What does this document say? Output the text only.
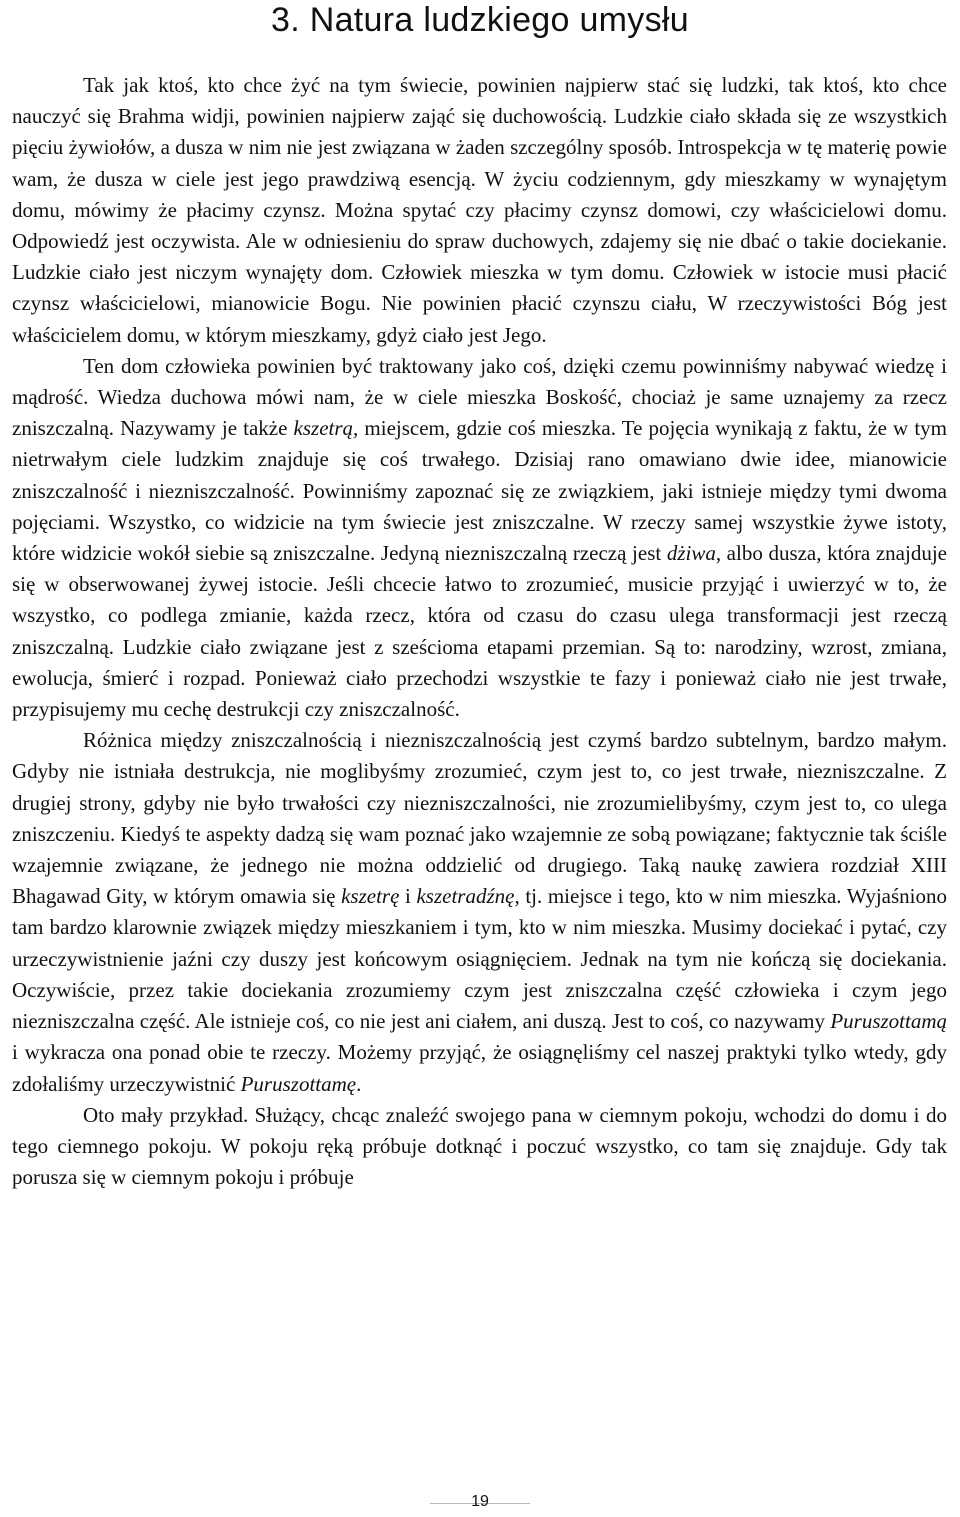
3. Natura ludzkiego umysłu

Tak jak ktoś, kto chce żyć na tym świecie, powinien najpierw stać się ludzki, tak ktoś, kto chce nauczyć się Brahma widji, powinien najpierw zająć się duchowością. Ludzkie ciało składa się ze wszystkich pięciu żywiołów, a dusza w nim nie jest związana w żaden szczególny sposób. Introspekcja w tę materię powie wam, że dusza w ciele jest jego prawdziwą esencją. W życiu codziennym, gdy mieszkamy w wynajętym domu, mówimy że płacimy czynsz. Można spytać czy płacimy czynsz domowi, czy właścicielowi domu. Odpowiedź jest oczywista. Ale w odniesieniu do spraw duchowych, zdajemy się nie dbać o takie dociekanie. Ludzkie ciało jest niczym wynajęty dom. Człowiek mieszka w tym domu. Człowiek w istocie musi płacić czynsz właścicielowi, mianowicie Bogu. Nie powinien płacić czynszu ciału, W rzeczywistości Bóg jest właścicielem domu, w którym mieszkamy, gdyż ciało jest Jego.

Ten dom człowieka powinien być traktowany jako coś, dzięki czemu powinniśmy nabywać wiedzę i mądrość. Wiedza duchowa mówi nam, że w ciele mieszka Boskość, chociaż je same uznajemy za rzecz zniszczalną. Nazywamy je także kszetrą, miejscem, gdzie coś mieszka. Te pojęcia wynikają z faktu, że w tym nietrwałym ciele ludzkim znajduje się coś trwałego. Dzisiaj rano omawiano dwie idee, mianowicie zniszczalność i niezniszczalność. Powinniśmy zapoznać się ze związkiem, jaki istnieje między tymi dwoma pojęciami. Wszystko, co widzicie na tym świecie jest zniszczalne. W rzeczy samej wszystkie żywe istoty, które widzicie wokół siebie są zniszczalne. Jedyną niezniszczalną rzeczą jest dżiwa, albo dusza, która znajduje się w obserwowanej żywej istocie. Jeśli chcecie łatwo to zrozumieć, musicie przyjąć i uwierzyć w to, że wszystko, co podlega zmianie, każda rzecz, która od czasu do czasu ulega transformacji jest rzeczą zniszczalną. Ludzkie ciało związane jest z sześcioma etapami przemian. Są to: narodziny, wzrost, zmiana, ewolucja, śmierć i rozpad. Ponieważ ciało przechodzi wszystkie te fazy i ponieważ ciało nie jest trwałe, przypisujemy mu cechę destrukcji czy zniszczalność.

Różnica między zniszczalnością i niezniszczalnością jest czymś bardzo subtelnym, bardzo małym. Gdyby nie istniała destrukcja, nie moglibyśmy zrozumieć, czym jest to, co jest trwałe, niezniszczalne. Z drugiej strony, gdyby nie było trwałości czy niezniszczalności, nie zrozumielibyśmy, czym jest to, co ulega zniszczeniu. Kiedyś te aspekty dadzą się wam poznać jako wzajemnie ze sobą powiązane; faktycznie tak ściśle wzajemnie związane, że jednego nie można oddzielić od drugiego. Taką naukę zawiera rozdział XIII Bhagawad Gity, w którym omawia się kszetrę i kszetradźnę, tj. miejsce i tego, kto w nim mieszka. Wyjaśniono tam bardzo klarownie związek między mieszkaniem i tym, kto w nim mieszka. Musimy dociekać i pytać, czy urzeczywistnienie jaźni czy duszy jest końcowym osiągnięciem. Jednak na tym nie kończą się dociekania. Oczywiście, przez takie dociekania zrozumiemy czym jest zniszczalna część człowieka i czym jego niezniszczalna część. Ale istnieje coś, co nie jest ani ciałem, ani duszą. Jest to coś, co nazywamy Puruszottamą i wykracza ona ponad obie te rzeczy. Możemy przyjąć, że osiągnęliśmy cel naszej praktyki tylko wtedy, gdy zdołaliśmy urzeczywistnić Puruszottamę.

Oto mały przykład. Służący, chcąc znaleźć swojego pana w ciemnym pokoju, wchodzi do domu i do tego ciemnego pokoju. W pokoju ręką próbuje dotknąć i poczuć wszystko, co tam się znajduje. Gdy tak porusza się w ciemnym pokoju i próbuje

19
